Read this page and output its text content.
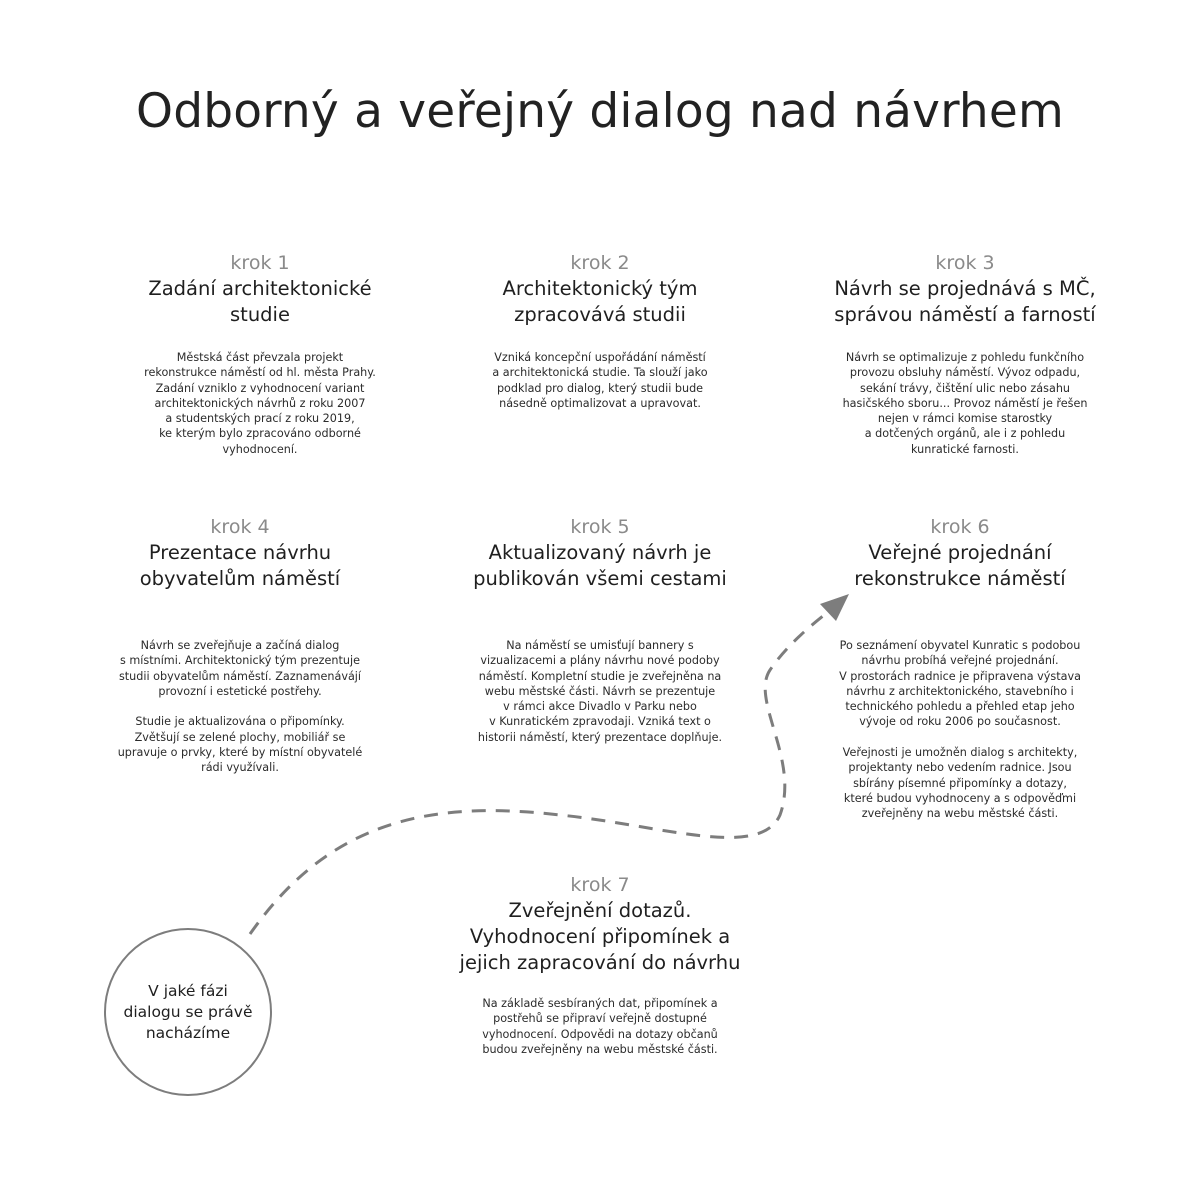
Odborný a veřejný dialog nad návrhem
krok 1
Zadání architektonické
studie
Městská část převzala projekt
rekonstrukce náměstí od hl. města Prahy.
Zadání vzniklo z vyhodnocení variant
architektonických návrhů z roku 2007
a studentských prací z roku 2019,
ke kterým bylo zpracováno odborné
vyhodnocení.
krok 2
Architektonický tým
zpracovává studii
Vzniká koncepční uspořádání náměstí
a architektonická studie. Ta slouží jako
podklad pro dialog, který studii bude
násedně optimalizovat a upravovat.
krok 3
Návrh se projednává s MČ,
správou náměstí a farností
Návrh se optimalizuje z pohledu funkčního
provozu obsluhy náměstí. Vývoz odpadu,
sekání trávy, čištění ulic nebo zásahu
hasičského sboru... Provoz náměstí je řešen
nejen v rámci komise starostky
a dotčených orgánů, ale i z pohledu
kunratické farnosti.
krok 4
Prezentace návrhu
obyvatelům náměstí
Návrh se zveřejňuje a začíná dialog
s místními. Architektonický tým prezentuje
studii obyvatelům náměstí. Zaznamenávájí
provozní i estetické postřehy.

Studie je aktualizována o připomínky.
Zvětšují se zelené plochy, mobiliář se
upravuje o prvky, které by místní obyvatelé
rádi využívali.
krok 5
Aktualizovaný návrh je
publikován všemi cestami
Na náměstí se umisťují bannery s
vizualizacemi a plány návrhu nové podoby
náměstí. Kompletní studie je zveřejněna na
webu městské části. Návrh se prezentuje
v rámci akce Divadlo v Parku nebo
v Kunratickém zpravodaji. Vzniká text o
historii náměstí, který prezentace doplňuje.
krok 6
Veřejné projednání
rekonstrukce náměstí
Po seznámení obyvatel Kunratic s podobou
návrhu probíhá veřejné projednání.
V prostorách radnice je připravena výstava
návrhu z architektonického, stavebního i
technického pohledu a přehled etap jeho
vývoje od roku 2006 po současnost.

Veřejnosti je umožněn dialog s architekty,
projektanty nebo vedením radnice. Jsou
sbírány písemné připomínky a dotazy,
které budou vyhodnoceny a s odpověďmi
zveřejněny na webu městské části.
krok 7
Zveřejnění dotazů.
Vyhodnocení připomínek a
jejich zapracování do návrhu
Na základě sesbíraných dat, připomínek a
postřehů se připraví veřejně dostupné
vyhodnocení. Odpovědi na dotazy občanů
budou zveřejněny na webu městské části.
V jaké fázi
dialogu se právě
nacházíme
